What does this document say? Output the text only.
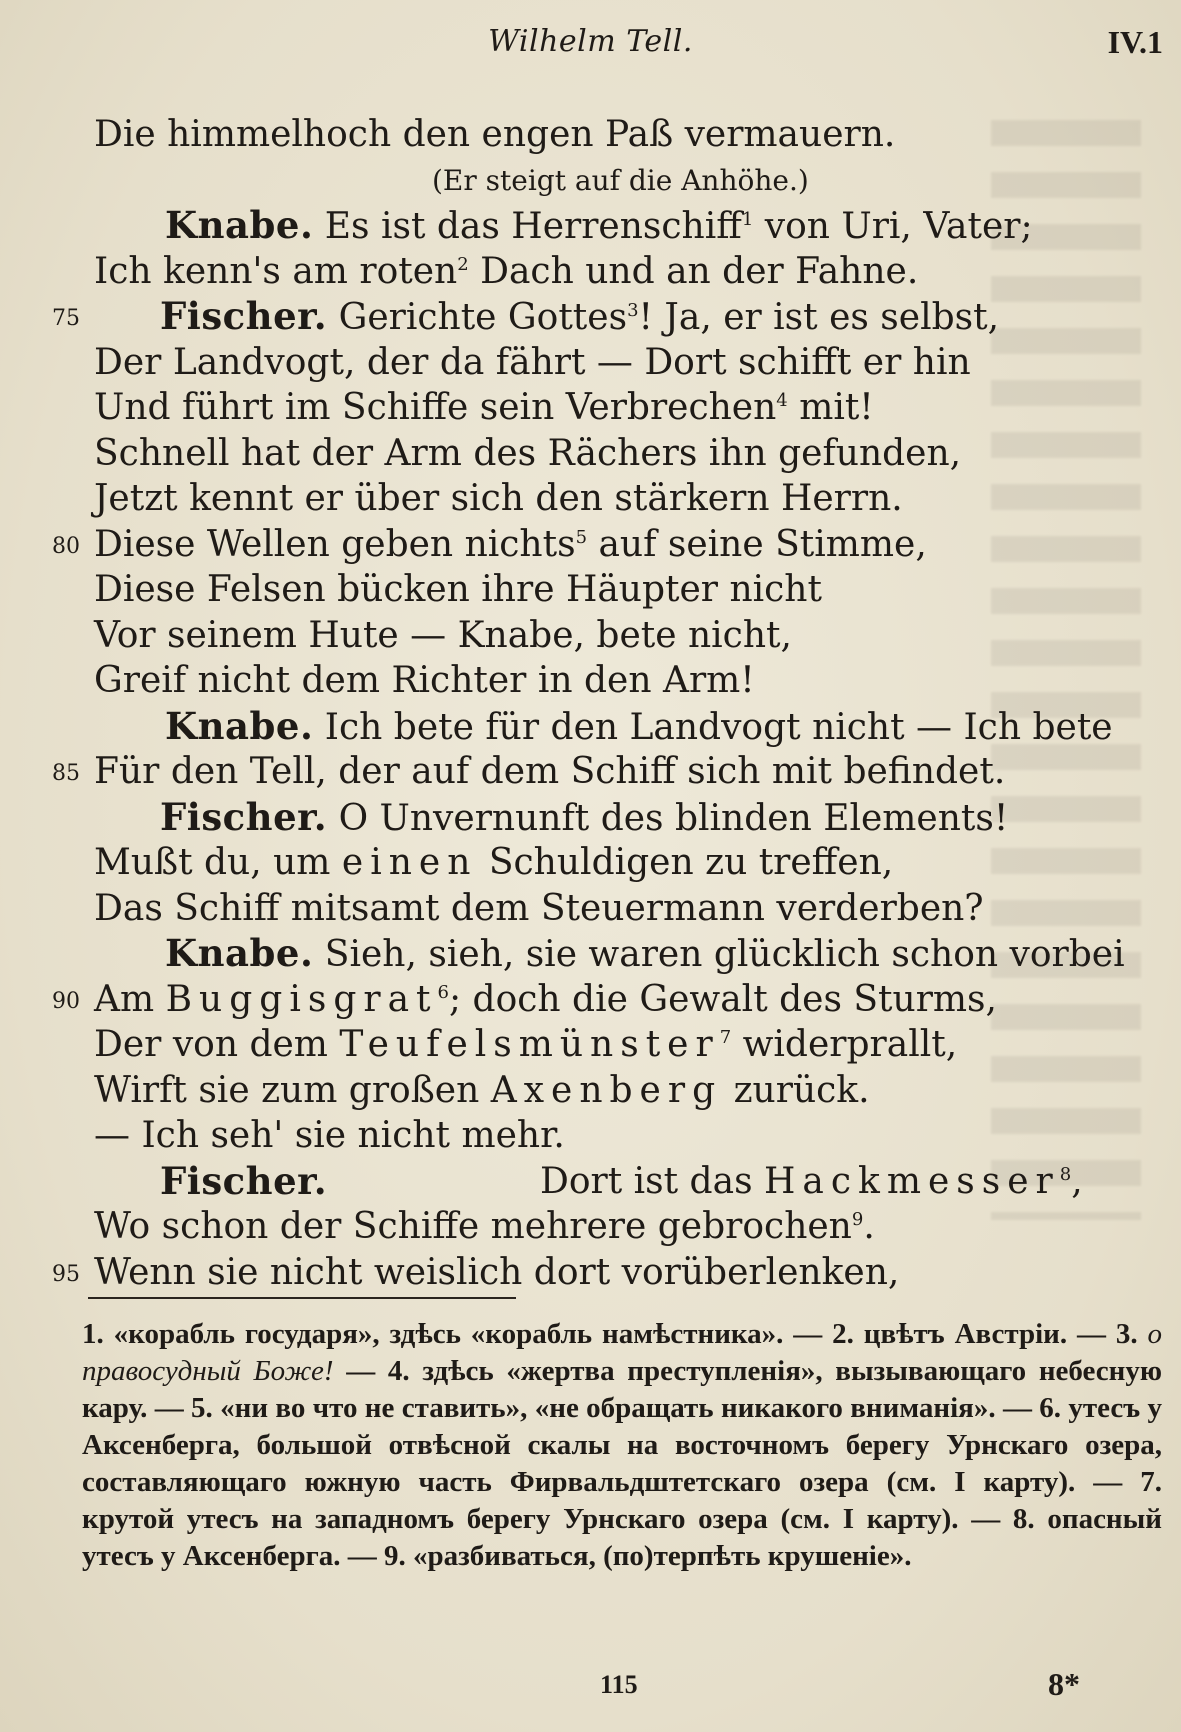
Wilhelm Tell.	IV.1
Die himmelhoch den engen Paß vermauern.
(Er steigt auf die Anhöhe.)
Knabe. Es ist das Herrenschiff$^1$ von Uri, Vater;
Ich kenn's am roten$^2$ Dach und an der Fahne.
75 Fischer. Gerichte Gottes$^3$! Ja, er ist es selbst,
Der Landvogt, der da fährt — Dort schifft er hin
Und führt im Schiffe sein Verbrechen$^4$ mit!
Schnell hat der Arm des Rächers ihn gefunden,
Jetzt kennt er über sich den stärkern Herrn.
80 Diese Wellen geben nichts$^5$ auf seine Stimme,
Diese Felsen bücken ihre Häupter nicht
Vor seinem Hute — Knabe, bete nicht,
Greif nicht dem Richter in den Arm!
Knabe. Ich bete für den Landvogt nicht — Ich bete
85 Für den Tell, der auf dem Schiff sich mit befindet.
Fischer. O Unvernunft des blinden Elements!
Mußt du, um einen Schuldigen zu treffen,
Das Schiff mitsamt dem Steuermann verderben?
Knabe. Sieh, sieh, sie waren glücklich schon vorbei
90 Am Buggisgrat$^6$; doch die Gewalt des Sturms,
Der von dem Teufelsmünster$^7$ widerprallt,
Wirft sie zum großen Axenberg zurück.
— Ich seh' sie nicht mehr.
Fischer.	Dort ist das Hackmesser$^8$,
Wo schon der Schiffe mehrere gebrochen$^9$.
95 Wenn sie nicht weislich dort vorüberlenken,
1. «корабль государя», здѣсь «корабль намѣстника». — 2. цвѣтъ Австріи. — 3. о правосудный Боже! — 4. здѣсь «жертва преступленія», вызывающаго небесную кару. — 5. «ни во что не ставить», «не обращать никакого вниманія». — 6. утесъ у Аксенберга, большой отвѣсной скалы на восточномъ берегу Урнскаго озера, составляющаго южную часть Фирвальдштетскаго озера (см. I карту). — 7. крутой утесъ на западномъ берегу Урнскаго озера (см. I карту). — 8. опасный утесъ у Аксенберга. — 9. «разбиваться, (по)терпѣть крушеніе».
115	8*
